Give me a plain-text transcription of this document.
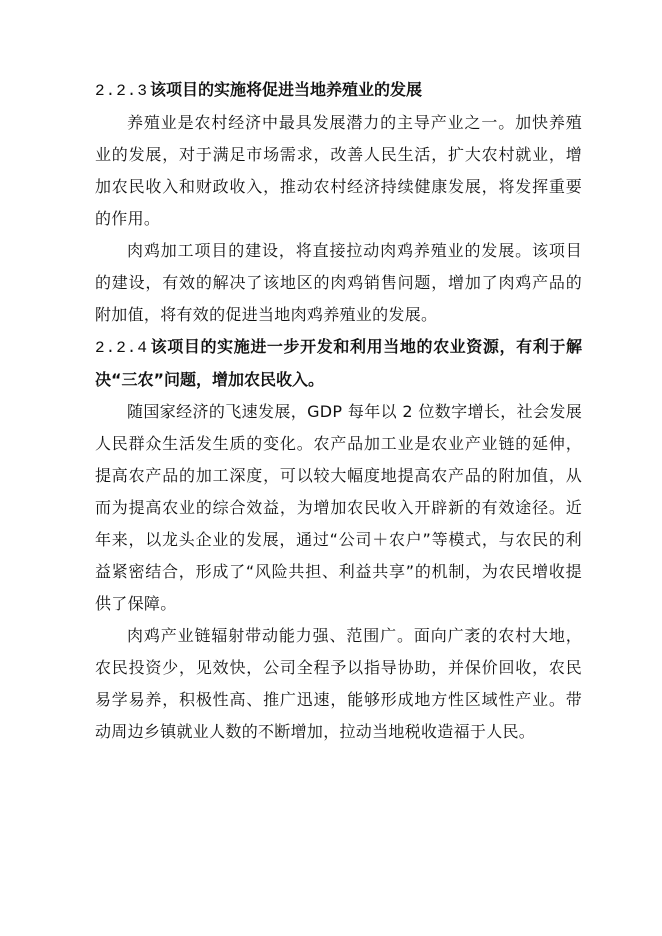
2.2.3 该项目的实施将促进当地养殖业的发展

养殖业是农村经济中最具发展潜力的主导产业之一。加快养殖业的发展，对于满足市场需求，改善人民生活，扩大农村就业，增加农民收入和财政收入，推动农村经济持续健康发展，将发挥重要的作用。

肉鸡加工项目的建设，将直接拉动肉鸡养殖业的发展。该项目的建设，有效的解决了该地区的肉鸡销售问题，增加了肉鸡产品的附加值，将有效的促进当地肉鸡养殖业的发展。

2.2.4 该项目的实施进一步开发和利用当地的农业资源，有利于解决“三农”问题，增加农民收入。

随国家经济的飞速发展，GDP 每年以 2 位数字增长，社会发展人民群众生活发生质的变化。农产品加工业是农业产业链的延伸，提高农产品的加工深度，可以较大幅度地提高农产品的附加值，从而为提高农业的综合效益，为增加农民收入开辟新的有效途径。近年来，以龙头企业的发展，通过“公司＋农户”等模式，与农民的利益紧密结合，形成了“风险共担、利益共享”的机制，为农民增收提供了保障。

肉鸡产业链辐射带动能力强、范围广。面向广袤的农村大地，农民投资少，见效快，公司全程予以指导协助，并保价回收，农民易学易养，积极性高、推广迅速，能够形成地方性区域性产业。带动周边乡镇就业人数的不断增加，拉动当地税收造福于人民。
